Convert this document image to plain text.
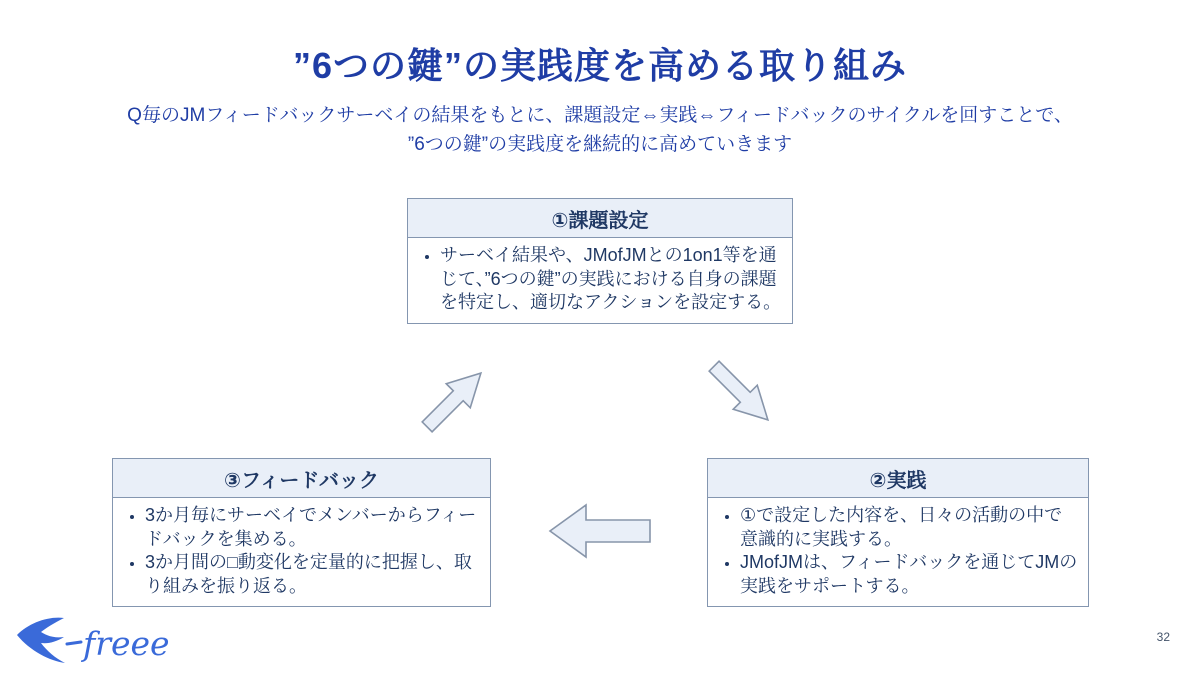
”6つの鍵”の実践度を高める取り組み
Q毎のJMフィードバックサーベイの結果をもとに、課題設定⇔実践⇔フィードバックのサイクルを回すことで、
”6つの鍵”の実践度を継続的に高めていきます
①課題設定
• サーベイ結果や、JMofJMとの1on1等を通じて、”6つの鍵”の実践における自身の課題を特定し、適切なアクションを設定する。
②実践
• ①で設定した内容を、日々の活動の中で意識的に実践する。
• JMofJMは、フィードバックを通じてJMの実践をサポートする。
③フィードバック
• 3か月毎にサーベイでメンバーからフィードバックを集める。
• 3か月間の□動変化を定量的に把握し、取り組みを振り返る。
freee	32
